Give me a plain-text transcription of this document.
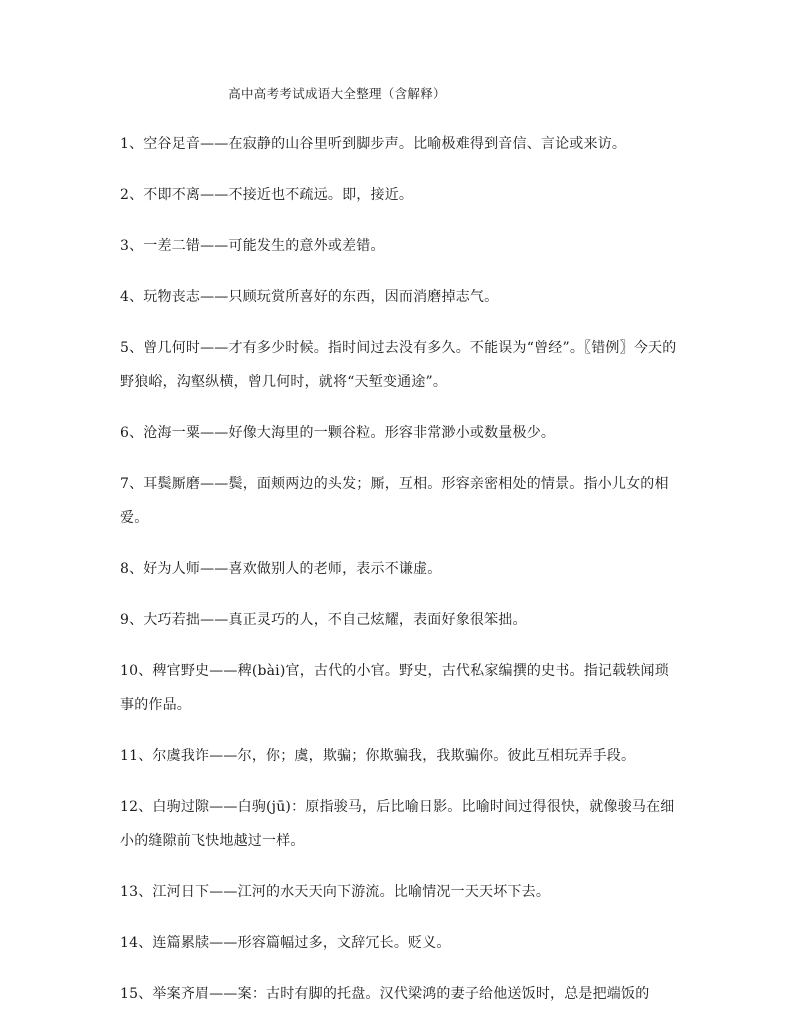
高中高考考试成语大全整理（含解释）
1、空谷足音——在寂静的山谷里听到脚步声。比喻极难得到音信、言论或来访。
2、不即不离——不接近也不疏远。即，接近。
3、一差二错——可能发生的意外或差错。
4、玩物丧志——只顾玩赏所喜好的东西，因而消磨掉志气。
5、曾几何时——才有多少时候。指时间过去没有多久。不能误为“曾经”。〖错例〗今天的野狼峪，沟壑纵横，曾几何时，就将“天堑变通途”。
6、沧海一粟——好像大海里的一颗谷粒。形容非常渺小或数量极少。
7、耳鬓厮磨——鬓，面颊两边的头发；厮，互相。形容亲密相处的情景。指小儿女的相爱。
8、好为人师——喜欢做别人的老师，表示不谦虚。
9、大巧若拙——真正灵巧的人，不自己炫耀，表面好象很笨拙。
10、稗官野史——稗(bài)官，古代的小官。野史，古代私家编撰的史书。指记载轶闻琐事的作品。
11、尔虞我诈——尔，你；虞，欺骗；你欺骗我，我欺骗你。彼此互相玩弄手段。
12、白驹过隙——白驹(jū)：原指骏马，后比喻日影。比喻时间过得很快，就像骏马在细小的缝隙前飞快地越过一样。
13、江河日下——江河的水天天向下游流。比喻情况一天天坏下去。
14、连篇累牍——形容篇幅过多，文辞冗长。贬义。
15、举案齐眉——案：古时有脚的托盘。汉代梁鸿的妻子给他送饭时，总是把端饭的
